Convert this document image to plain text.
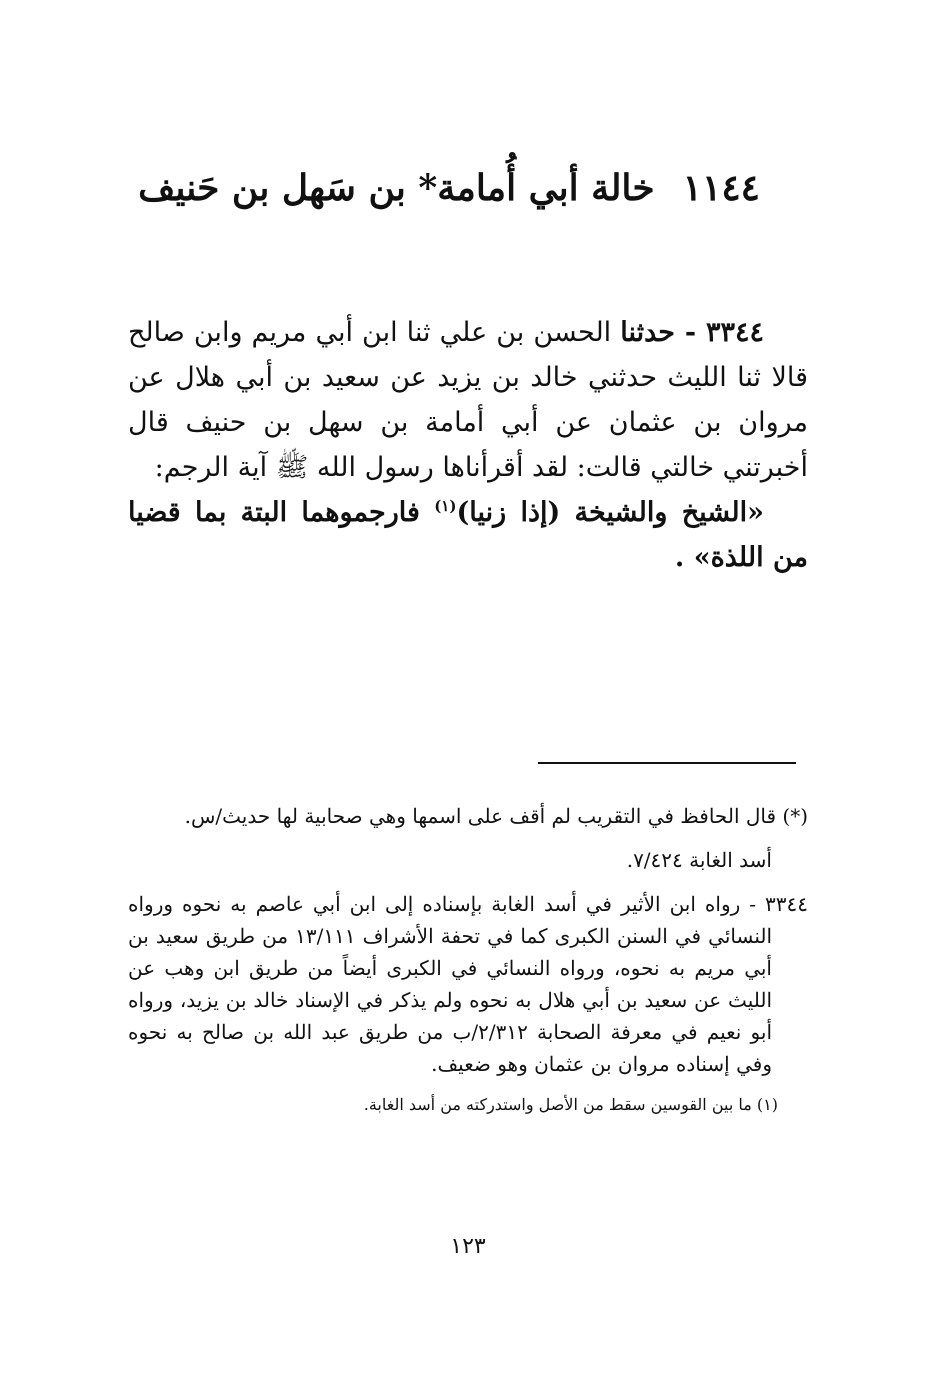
١١٤٤خالة أبي أُمامة* بن سَهل بن حَنيف

٣٣٤٤ - حدثنا الحسن بن علي ثنا ابن أبي مريم وابن صالح قالا ثنا الليث حدثني خالد بن يزيد عن سعيد بن أبي هلال عن مروان بن عثمان عن أبي أمامة بن سهل بن حنيف قال أخبرتني خالتي قالت: لقد أقرأناها رسول الله ﷺ آية الرجم:

«الشيخ والشيخة (إذا زنيا)$^{(١)}$ فارجموهما البتة بما قضيا من اللذة» .

(*) قال الحافظ في التقريب لم أقف على اسمها وهي صحابية لها حديث/س.

أسد الغابة ٧/٤٢٤.

٣٣٤٤ - رواه ابن الأثير في أسد الغابة بإسناده إلى ابن أبي عاصم به نحوه ورواه النسائي في السنن الكبرى كما في تحفة الأشراف ١٣/١١١ من طريق سعيد بن أبي مريم به نحوه، ورواه النسائي في الكبرى أيضاً من طريق ابن وهب عن الليث عن سعيد بن أبي هلال به نحوه ولم يذكر في الإسناد خالد بن يزيد، ورواه أبو نعيم في معرفة الصحابة ٢/٣١٢/ب من طريق عبد الله بن صالح به نحوه وفي إسناده مروان بن عثمان وهو ضعيف.

(١) ما بين القوسين سقط من الأصل واستدركته من أسد الغابة.

١٢٣
